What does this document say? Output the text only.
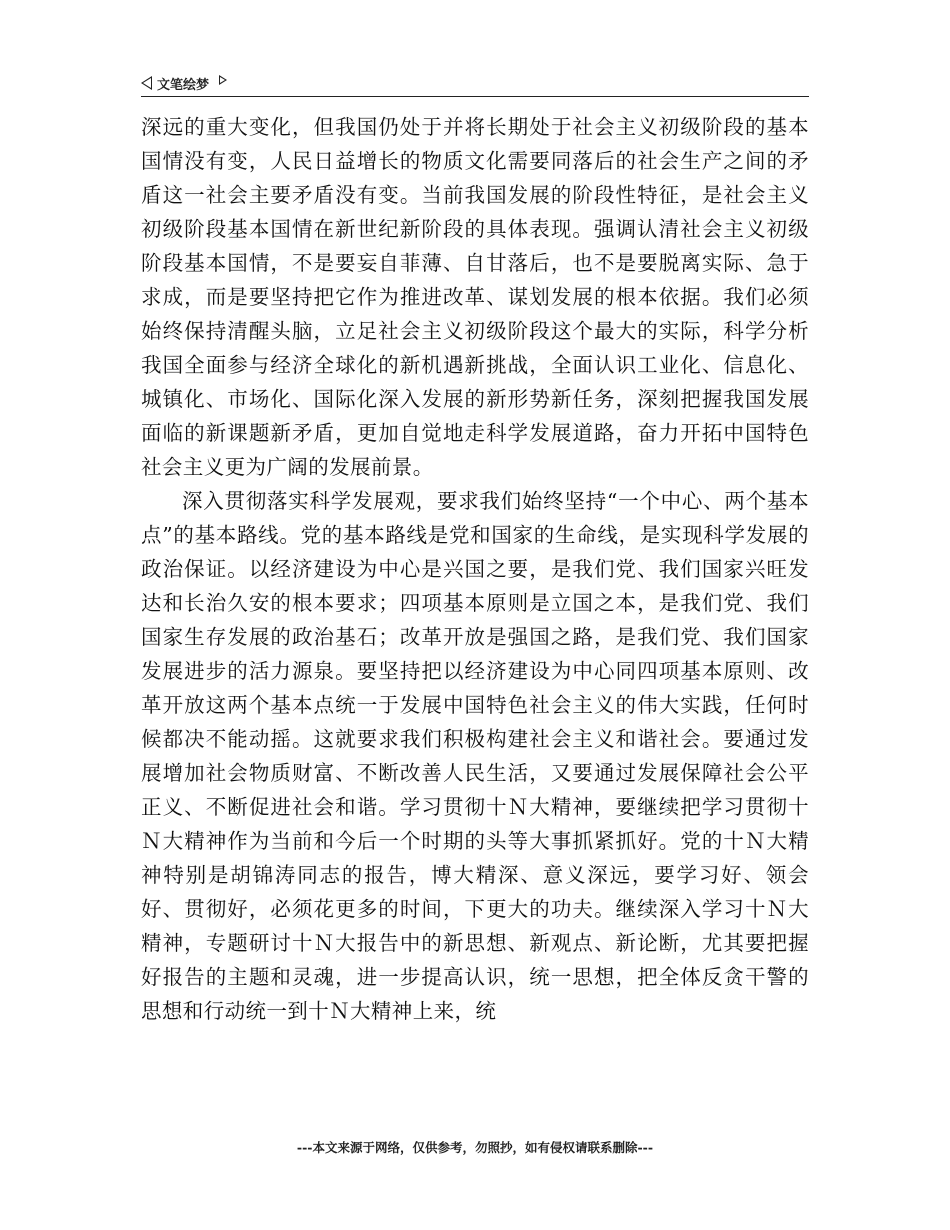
文笔绘梦

深远的重大变化，但我国仍处于并将长期处于社会主义初级阶段的基本国情没有变，人民日益增长的物质文化需要同落后的社会生产之间的矛盾这一社会主要矛盾没有变。当前我国发展的阶段性特征，是社会主义初级阶段基本国情在新世纪新阶段的具体表现。强调认清社会主义初级阶段基本国情，不是要妄自菲薄、自甘落后，也不是要脱离实际、急于求成，而是要坚持把它作为推进改革、谋划发展的根本依据。我们必须始终保持清醒头脑，立足社会主义初级阶段这个最大的实际，科学分析我国全面参与经济全球化的新机遇新挑战，全面认识工业化、信息化、城镇化、市场化、国际化深入发展的新形势新任务，深刻把握我国发展面临的新课题新矛盾，更加自觉地走科学发展道路，奋力开拓中国特色社会主义更为广阔的发展前景。

深入贯彻落实科学发展观，要求我们始终坚持“一个中心、两个基本点”的基本路线。党的基本路线是党和国家的生命线，是实现科学发展的政治保证。以经济建设为中心是兴国之要，是我们党、我们国家兴旺发达和长治久安的根本要求；四项基本原则是立国之本，是我们党、我们国家生存发展的政治基石；改革开放是强国之路，是我们党、我们国家发展进步的活力源泉。要坚持把以经济建设为中心同四项基本原则、改革开放这两个基本点统一于发展中国特色社会主义的伟大实践，任何时候都决不能动摇。这就要求我们积极构建社会主义和谐社会。要通过发展增加社会物质财富、不断改善人民生活，又要通过发展保障社会公平正义、不断促进社会和谐。学习贯彻十Ｎ大精神，要继续把学习贯彻十Ｎ大精神作为当前和今后一个时期的头等大事抓紧抓好。党的十Ｎ大精神特别是胡锦涛同志的报告，博大精深、意义深远，要学习好、领会好、贯彻好，必须花更多的时间，下更大的功夫。继续深入学习十Ｎ大精神，专题研讨十Ｎ大报告中的新思想、新观点、新论断，尤其要把握好报告的主题和灵魂，进一步提高认识，统一思想，把全体反贪干警的思想和行动统一到十Ｎ大精神上来，统

---本文来源于网络，仅供参考，勿照抄，如有侵权请联系删除---
